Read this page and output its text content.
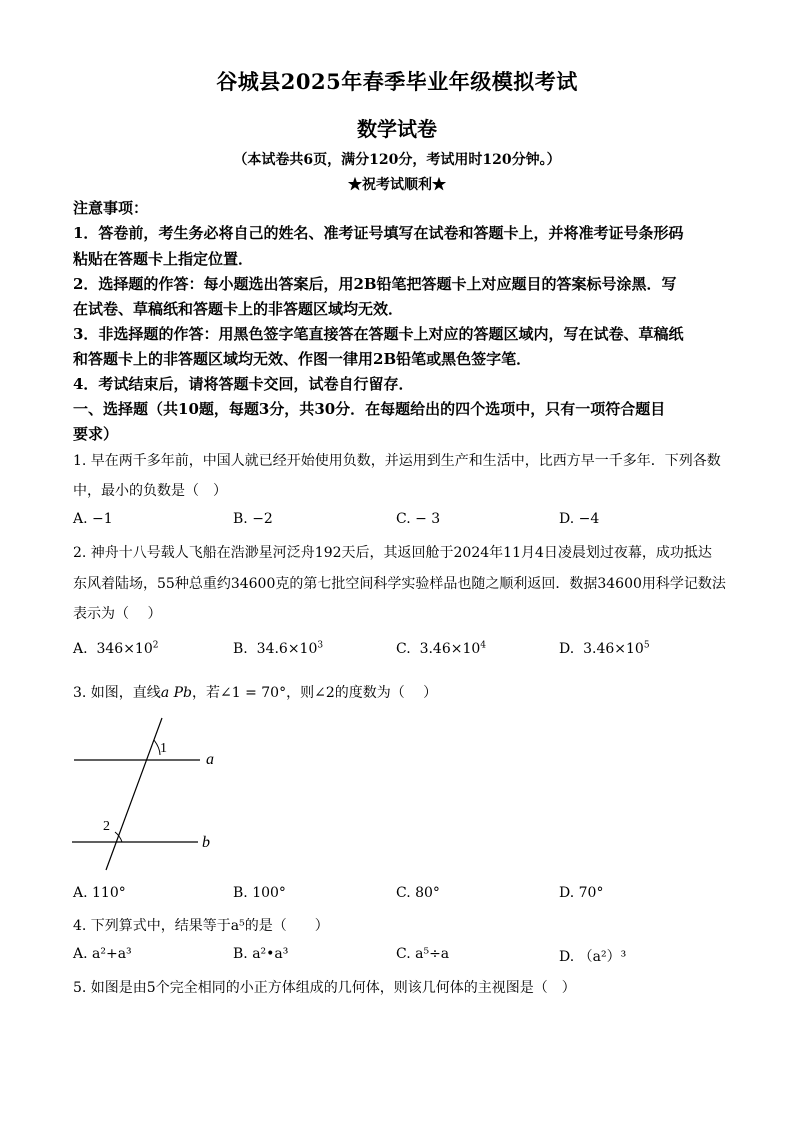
谷城县2025年春季毕业年级模拟考试
数学试卷
（本试卷共6页，满分120分，考试用时120分钟。）
★祝考试顺利★
注意事项：
1．答卷前，考生务必将自己的姓名、准考证号填写在试卷和答题卡上，并将准考证号条形码
粘贴在答题卡上指定位置．
2．选择题的作答：每小题选出答案后，用2B铅笔把答题卡上对应题目的答案标号涂黑．写
在试卷、草稿纸和答题卡上的非答题区域均无效．
3．非选择题的作答：用黑色签字笔直接答在答题卡上对应的答题区域内，写在试卷、草稿纸
和答题卡上的非答题区域均无效、作图一律用2B铅笔或黑色签字笔．
4．考试结束后，请将答题卡交回，试卷自行留存．
一、选择题（共10题，每题3分，共30分．在每题给出的四个选项中，只有一项符合题目
要求）
1. 早在两千多年前，中国人就已经开始使用负数，并运用到生产和生活中，比西方早一千多年．下列各数
中，最小的负数是（　）
A. −1	B. −2	C. − 3	D. −4
2. 神舟十八号载人飞船在浩渺星河泛舟192天后，其返回舱于2024年11月4日凌晨划过夜幕，成功抵达
东风着陆场，55种总重约34600克的第七批空间科学实验样品也随之顺利返回．数据34600用科学记数法
表示为（　 ）
A. $346\times 10^2$	B. $34.6\times 10^3$	C. $3.46\times 10^4$	D. $3.46\times 10^5$
3. 如图，直线a Pb，若∠1 = 70°，则∠2的度数为（　 ）
1
2
a
b
A. 110°	B. 100°	C. 80°	D. 70°
4. 下列算式中，结果等于a⁵的是（　　）
A. a²+a³	B. a²•a³	C. a⁵÷a	D. （a²）³
5. 如图是由5个完全相同的小正方体组成的几何体，则该几何体的主视图是（　）
